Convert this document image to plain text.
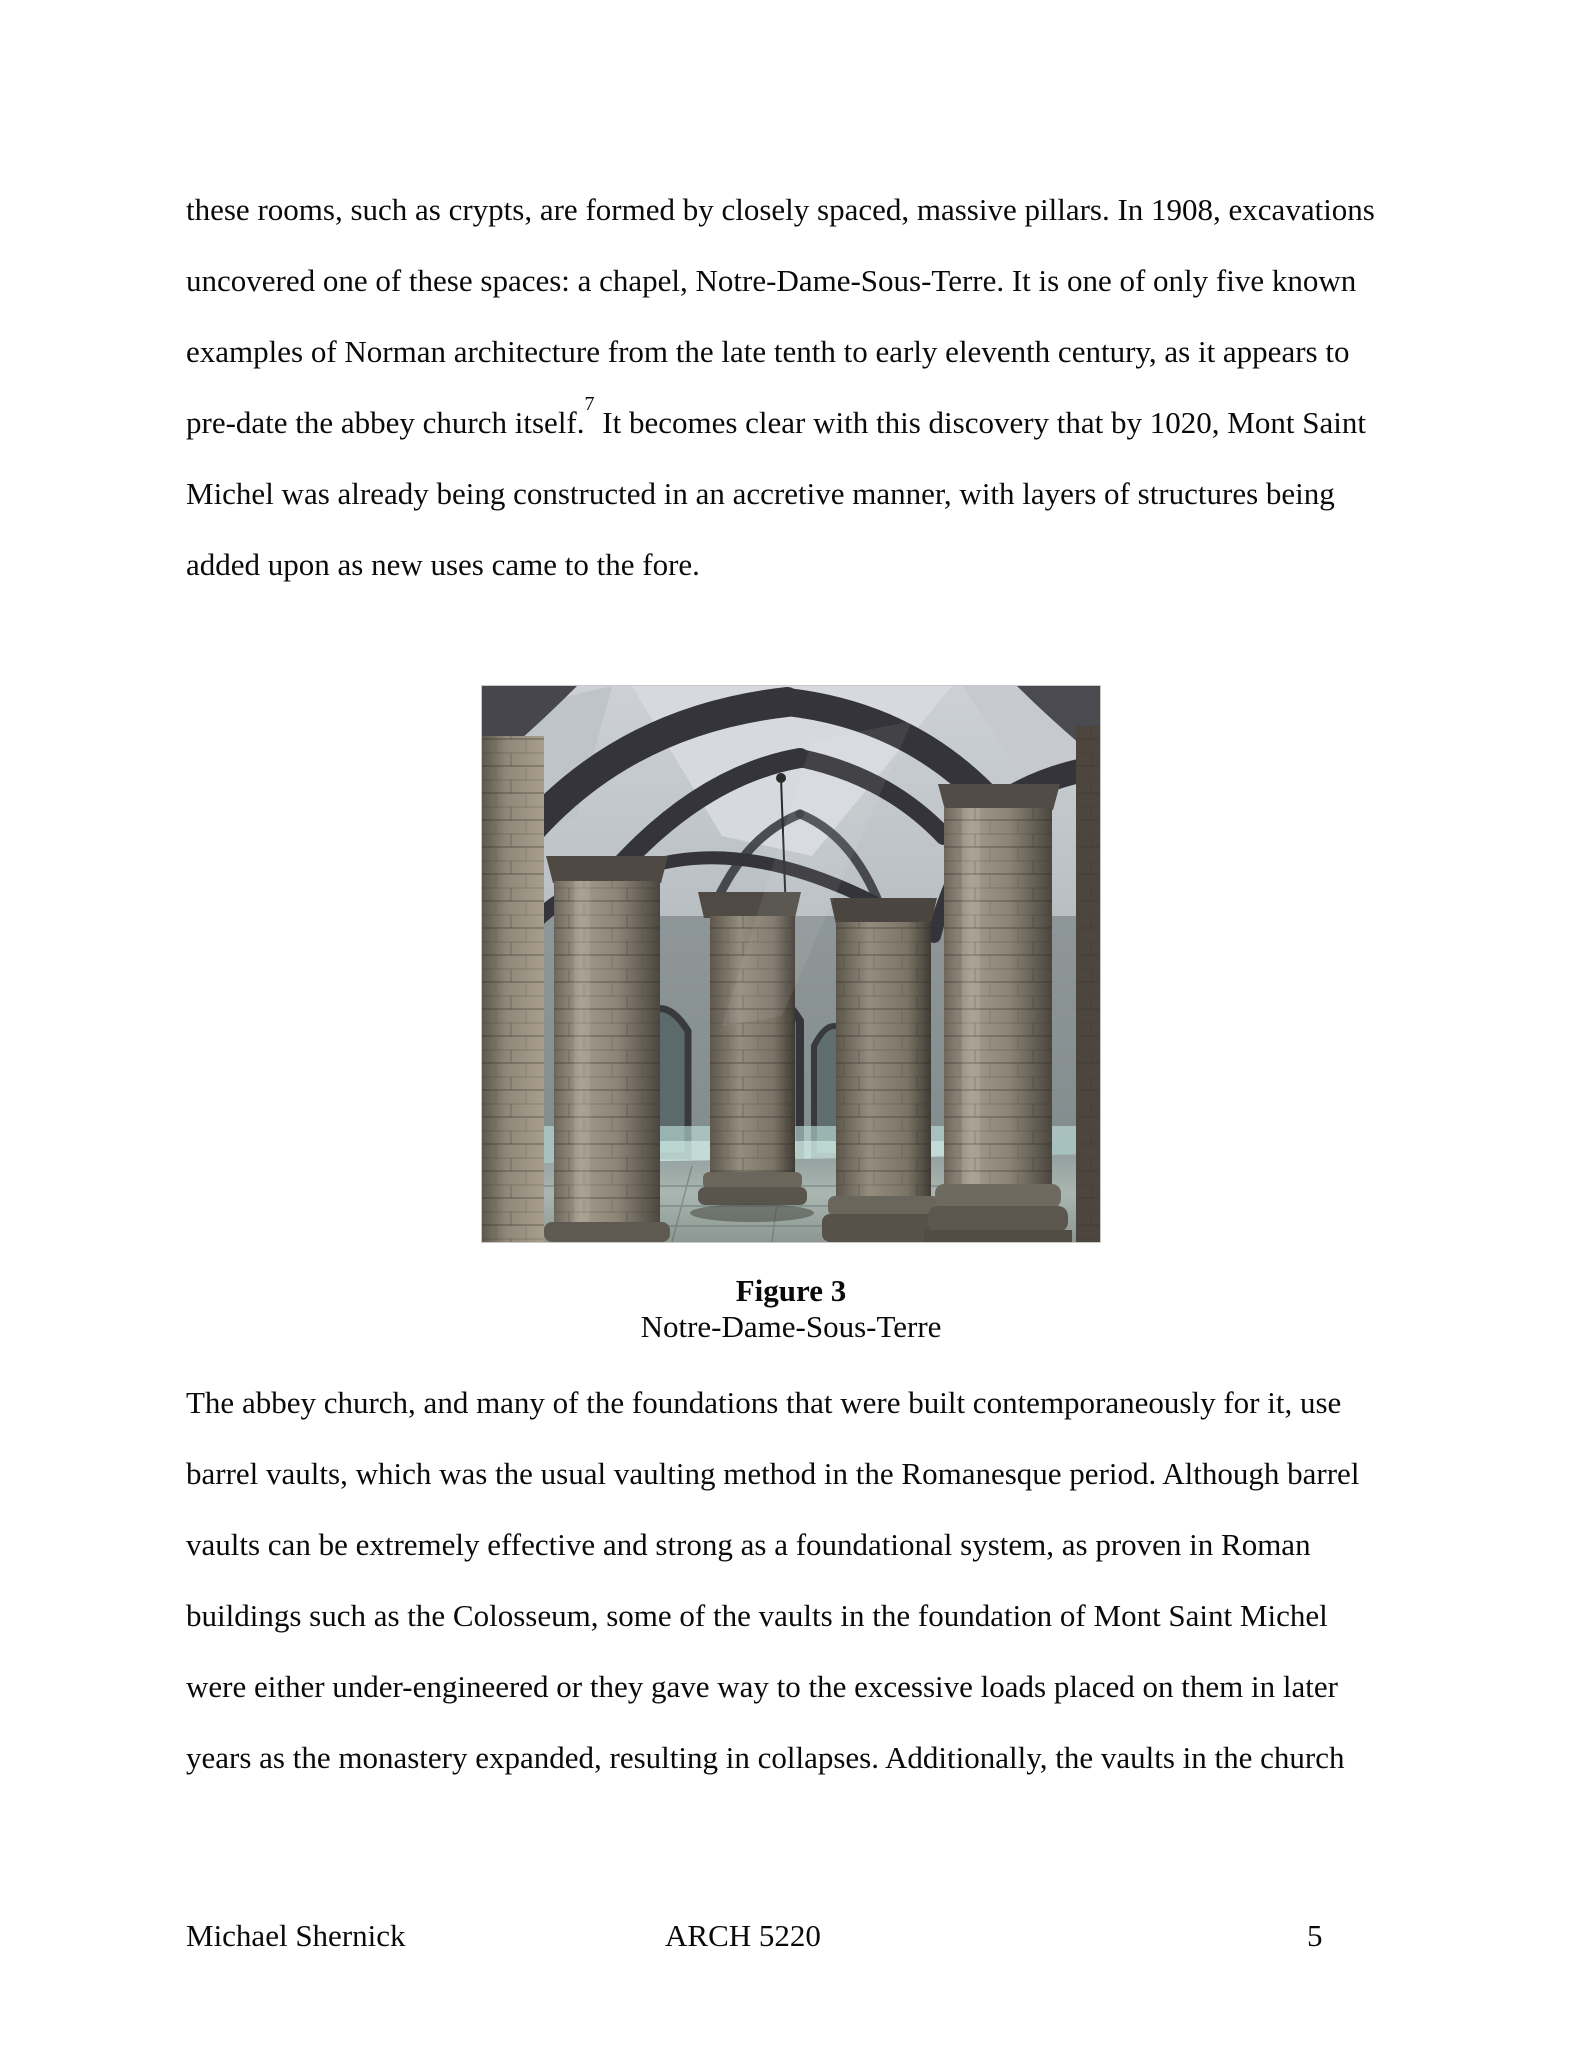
these rooms, such as crypts, are formed by closely spaced, massive pillars. In 1908, excavations
uncovered one of these spaces: a chapel, Notre-Dame-Sous-Terre. It is one of only five known
examples of Norman architecture from the late tenth to early eleventh century, as it appears to
pre-date the abbey church itself.$^7$ It becomes clear with this discovery that by 1020, Mont Saint
Michel was already being constructed in an accretive manner, with layers of structures being
added upon as new uses came to the fore.
Figure 3
Notre-Dame-Sous-Terre
The abbey church, and many of the foundations that were built contemporaneously for it, use
barrel vaults, which was the usual vaulting method in the Romanesque period. Although barrel
vaults can be extremely effective and strong as a foundational system, as proven in Roman
buildings such as the Colosseum, some of the vaults in the foundation of Mont Saint Michel
were either under-engineered or they gave way to the excessive loads placed on them in later
years as the monastery expanded, resulting in collapses. Additionally, the vaults in the church
Michael Shernick	ARCH 5220	5
